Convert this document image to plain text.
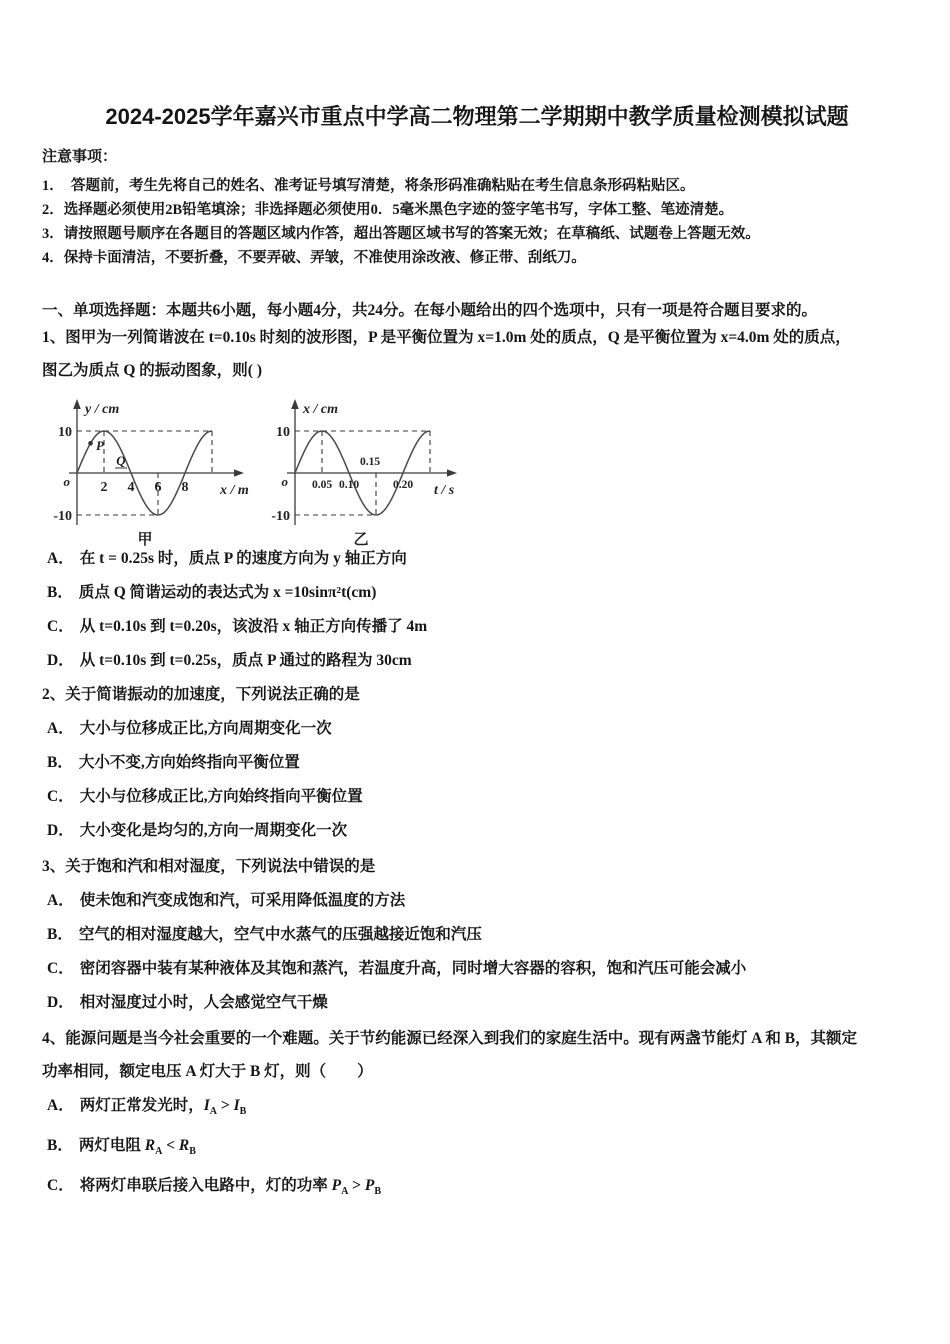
2024-2025学年嘉兴市重点中学高二物理第二学期期中教学质量检测模拟试题

注意事项：

1．　答题前，考生先将自己的姓名、准考证号填写清楚，将条形码准确粘贴在考生信息条形码粘贴区。

2．选择题必须使用2B铅笔填涂；非选择题必须使用0．5毫米黑色字迹的签字笔书写，字体工整、笔迹清楚。

3．请按照题号顺序在各题目的答题区域内作答，超出答题区域书写的答案无效；在草稿纸、试题卷上答题无效。

4．保持卡面清洁，不要折叠，不要弄破、弄皱，不准使用涂改液、修正带、刮纸刀。

一、单项选择题：本题共6小题，每小题4分，共24分。在每小题给出的四个选项中，只有一项是符合题目要求的。

1、图甲为一列简谐波在 t=0.10s 时刻的波形图，P 是平衡位置为 x=1.0m 处的质点，Q 是平衡位置为 x=4.0m 处的质点，

图乙为质点 Q 的振动图象，则( )

P
Q
y / cm
10
-10
o 2 4 6 8 x / m
甲
x / cm
10
-10
o 0.05 0.10
0.15
0.20 t / s
乙

A． 在 t = 0.25s 时，质点 P 的速度方向为 y 轴正方向

B． 质点 Q 简谐运动的表达式为 x =10sinπ²t(cm)

C． 从 t=0.10s 到 t=0.20s，该波沿 x 轴正方向传播了 4m

D． 从 t=0.10s 到 t=0.25s，质点 P 通过的路程为 30cm

2、关于简谐振动的加速度，下列说法正确的是

A． 大小与位移成正比,方向周期变化一次

B． 大小不变,方向始终指向平衡位置

C． 大小与位移成正比,方向始终指向平衡位置

D． 大小变化是均匀的,方向一周期变化一次

3、关于饱和汽和相对湿度，下列说法中错误的是

A． 使未饱和汽变成饱和汽，可采用降低温度的方法

B． 空气的相对湿度越大，空气中水蒸气的压强越接近饱和汽压

C． 密闭容器中装有某种液体及其饱和蒸汽，若温度升高，同时增大容器的容积，饱和汽压可能会减小

D． 相对湿度过小时，人会感觉空气干燥

4、能源问题是当今社会重要的一个难题。关于节约能源已经深入到我们的家庭生活中。现有两盏节能灯 A 和 B，其额定

功率相同，额定电压 A 灯大于 B 灯，则（　　）

A． 两灯正常发光时，$I_A > I_B$

B． 两灯电阻 $R_A < R_B$

C． 将两灯串联后接入电路中，灯的功率 $P_A > P_B$
